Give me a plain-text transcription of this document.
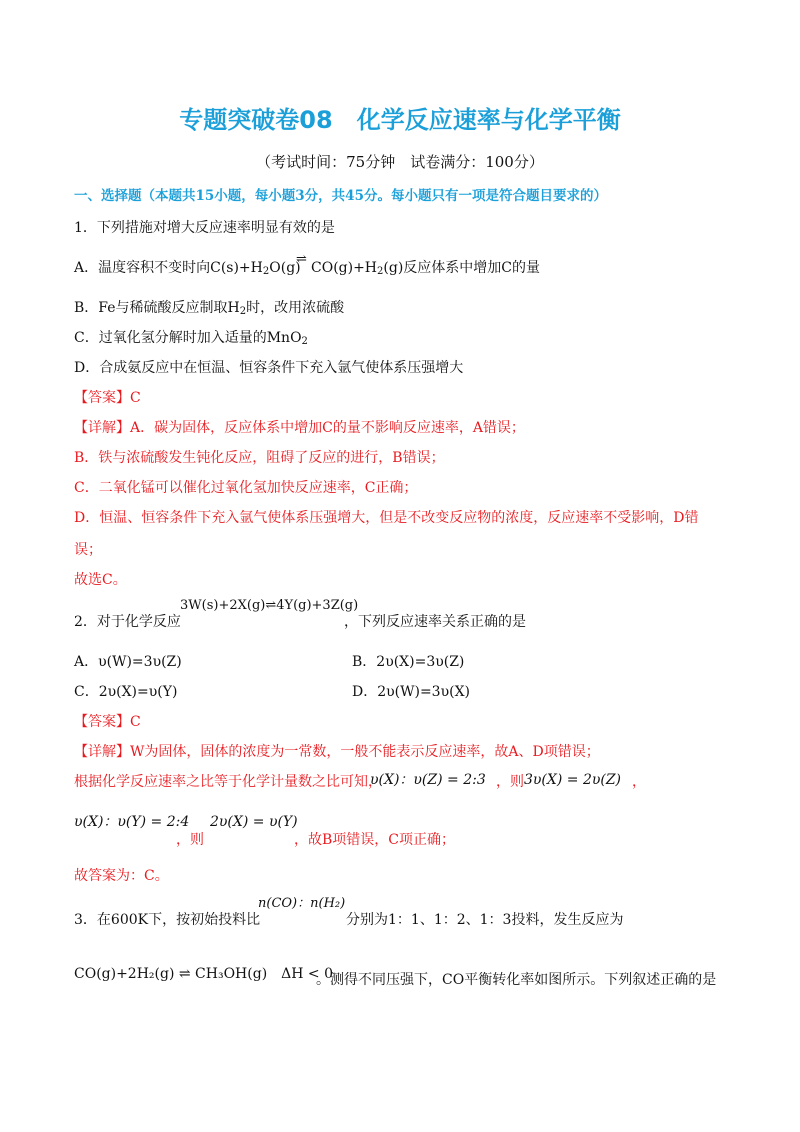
专题突破卷08　化学反应速率与化学平衡
（考试时间：75分钟　试卷满分：100分）
一、选择题（本题共15小题，每小题3分，共45分。每小题只有一项是符合题目要求的）
1．下列措施对增大反应速率明显有效的是
A．温度容积不变时向$C(s)+H_2O(g)$
⇌
$CO(g)+H_2(g)$反应体系中增加C的量
B．Fe与稀硫酸反应制取$H_2$时，改用浓硫酸
C．过氧化氢分解时加入适量的MnO$_2$
D．合成氨反应中在恒温、恒容条件下充入氩气使体系压强增大
【答案】C
【详解】A．碳为固体，反应体系中增加C的量不影响反应速率，A错误；
B．铁与浓硫酸发生钝化反应，阻碍了反应的进行，B错误；
C．二氧化锰可以催化过氧化氢加快反应速率，C正确；
D．恒温、恒容条件下充入氩气使体系压强增大，但是不改变反应物的浓度，反应速率不受影响，D错
误；
故选C。
3W(s)+2X(g)⇌4Y(g)+3Z(g)
2．对于化学反应	，下列反应速率关系正确的是
A．υ(W)=3υ(Z)	B．2υ(X)=3υ(Z)
C．2υ(X)=υ(Y)	D．2υ(W)=3υ(X)
【答案】C
【详解】W为固体，固体的浓度为一常数，一般不能表示反应速率，故A、D项错误；
根据化学反应速率之比等于化学计量数之比可知，
υ(X)：υ(Z) = 2:3 ，则 3υ(X) = 2υ(Z) ，
υ(X)：υ(Y) = 2:4
，则
2υ(X) = υ(Y)
，故B项错误，C项正确；
故答案为：C。
3．在600K下，按初始投料比
n(CO)：n(H₂)
分别为1：1、1：2、1：3投料，发生反应为
CO(g)+2H₂(g) ⇌ CH₃OH(g)　ΔH < 0
。测得不同压强下，CO平衡转化率如图所示。下列叙述正确的是
